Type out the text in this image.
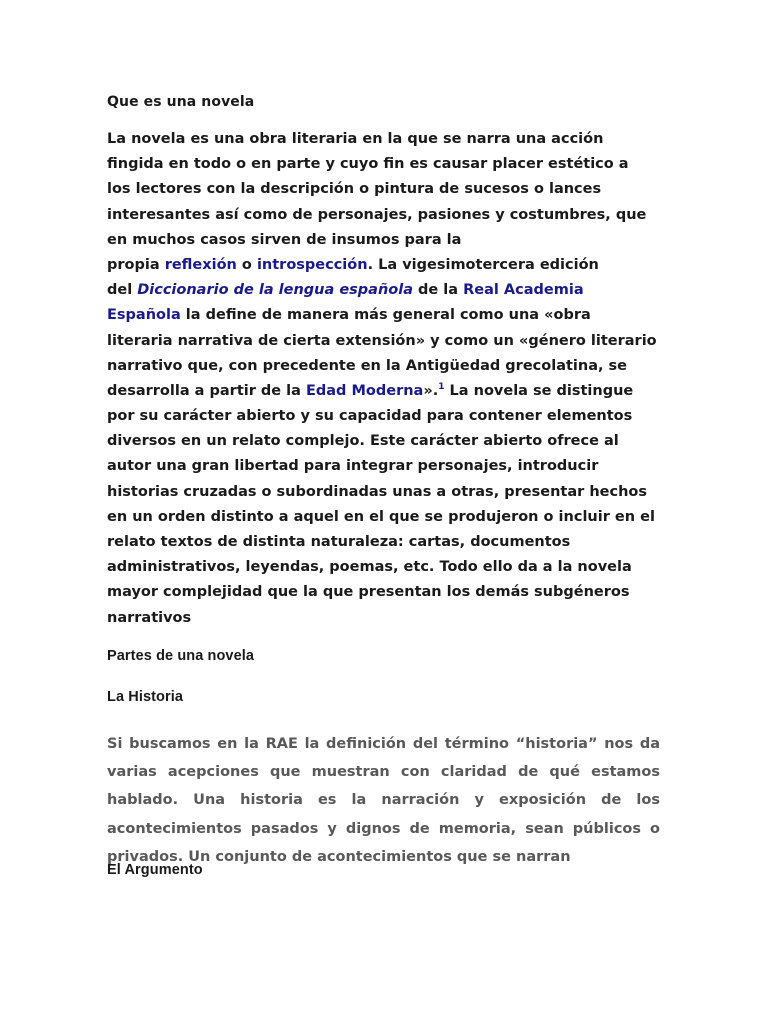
Que es una novela
La novela es una obra literaria en la que se narra una acción
fingida en todo o en parte y cuyo fin es causar placer estético a
los lectores con la descripción o pintura de sucesos o lances
interesantes así como de personajes, pasiones y costumbres, que
en muchos casos sirven de insumos para la
propia reflexión o introspección. La vigesimotercera edición
del Diccionario de la lengua española de la Real Academia
Española la define de manera más general como una «obra
literaria narrativa de cierta extensión» y como un «género literario
narrativo que, con precedente en la Antigüedad grecolatina, se
desarrolla a partir de la Edad Moderna».$^1$ La novela se distingue
por su carácter abierto y su capacidad para contener elementos
diversos en un relato complejo. Este carácter abierto ofrece al
autor una gran libertad para integrar personajes, introducir
historias cruzadas o subordinadas unas a otras, presentar hechos
en un orden distinto a aquel en el que se produjeron o incluir en el
relato textos de distinta naturaleza: cartas, documentos
administrativos, leyendas, poemas, etc. Todo ello da a la novela
mayor complejidad que la que presentan los demás subgéneros
narrativos
Partes de una novela
La Historia
Si buscamos en la RAE la definición del término “historia” nos da
varias acepciones que muestran con claridad de qué estamos
hablado. Una historia es la narración y exposición de los
acontecimientos pasados y dignos de memoria, sean públicos o
privados. Un conjunto de acontecimientos que se narran
El Argumento
